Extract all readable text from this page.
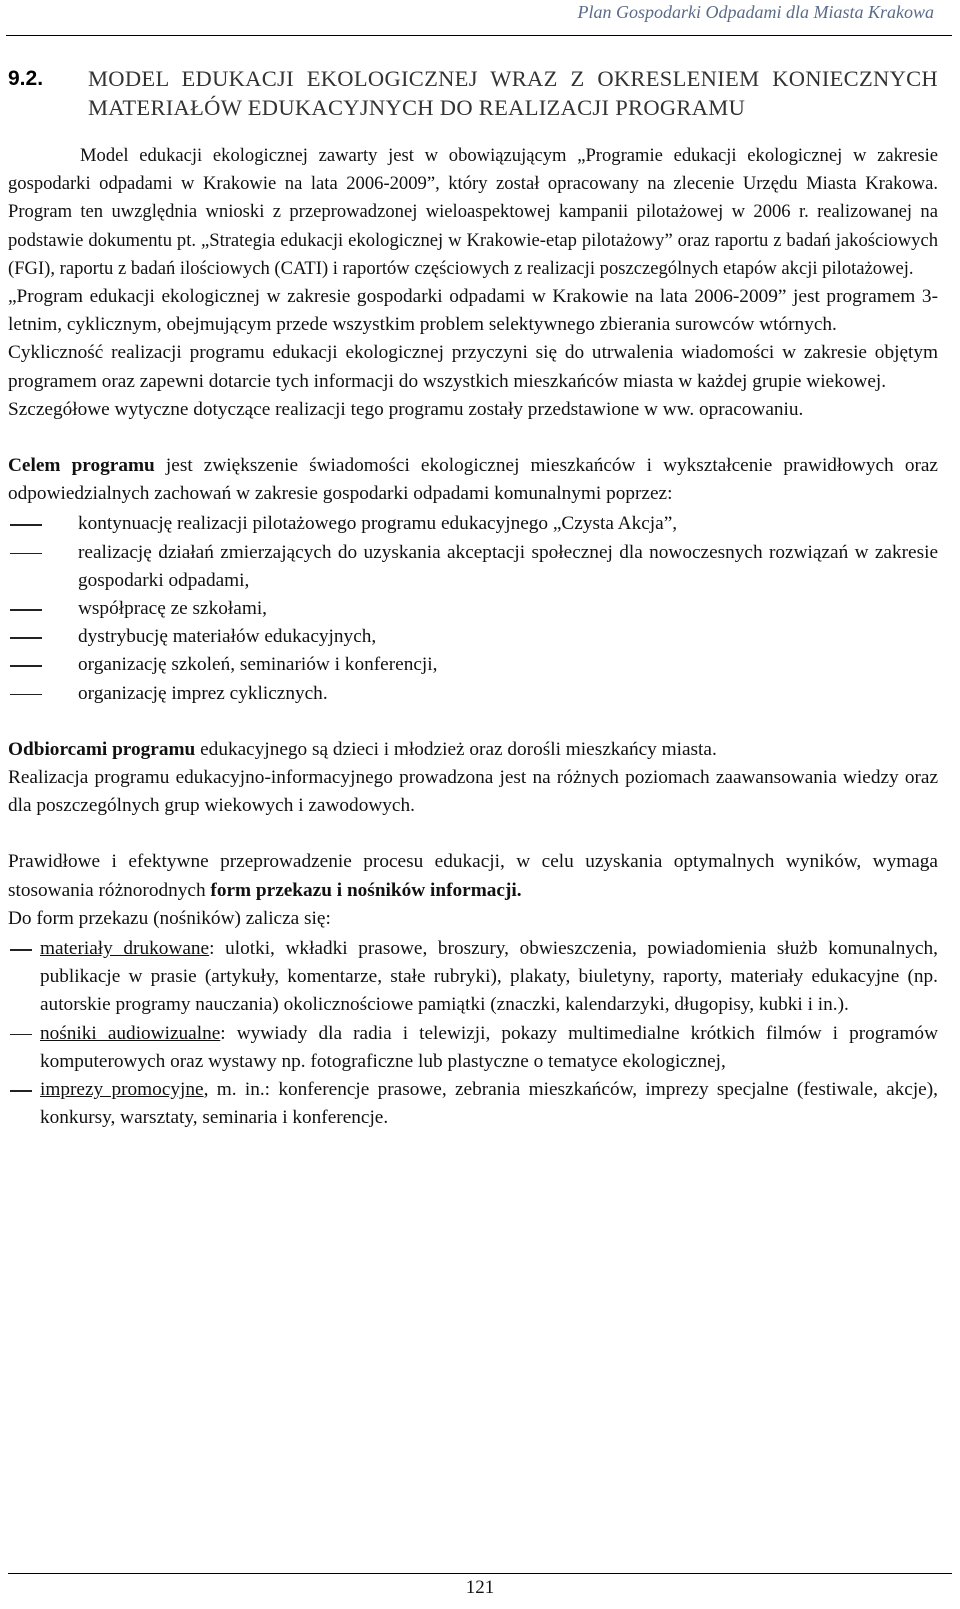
Plan Gospodarki Odpadami dla Miasta Krakowa
9.2.	MODEL EDUKACJI EKOLOGICZNEJ WRAZ Z OKRESLENIEM KONIECZNYCH MATERIAŁÓW EDUKACYJNYCH DO REALIZACJI PROGRAMU

Model edukacji ekologicznej zawarty jest w obowiązującym „Programie edukacji ekologicznej w zakresie gospodarki odpadami w Krakowie na lata 2006-2009”, który został opracowany na zlecenie Urzędu Miasta Krakowa. Program ten uwzględnia wnioski z przeprowadzonej wieloaspektowej kampanii pilotażowej w 2006 r. realizowanej na podstawie dokumentu pt. „Strategia edukacji ekologicznej w Krakowie-etap pilotażowy” oraz raportu z badań jakościowych (FGI), raportu z badań ilościowych (CATI) i raportów częściowych z realizacji poszczególnych etapów akcji pilotażowej.

„Program edukacji ekologicznej w zakresie gospodarki odpadami w Krakowie na lata 2006-2009” jest programem 3-letnim, cyklicznym, obejmującym przede wszystkim problem selektywnego zbierania surowców wtórnych.

Cykliczność realizacji programu edukacji ekologicznej przyczyni się do utrwalenia wiadomości w zakresie objętym programem oraz zapewni dotarcie tych informacji do wszystkich mieszkańców miasta w każdej grupie wiekowej.

Szczegółowe wytyczne dotyczące realizacji tego programu zostały przedstawione w ww. opracowaniu.

Celem programu jest zwiększenie świadomości ekologicznej mieszkańców i wykształcenie prawidłowych oraz odpowiedzialnych zachowań w zakresie gospodarki odpadami komunalnymi poprzez:

kontynuację realizacji pilotażowego programu edukacyjnego „Czysta Akcja”,
realizację działań zmierzających do uzyskania akceptacji społecznej dla nowoczesnych rozwiązań w zakresie gospodarki odpadami,
współpracę ze szkołami,
dystrybucję materiałów edukacyjnych,
organizację szkoleń, seminariów i konferencji,
organizację imprez cyklicznych.

Odbiorcami programu edukacyjnego są dzieci i młodzież oraz dorośli mieszkańcy miasta.

Realizacja programu edukacyjno-informacyjnego prowadzona jest na różnych poziomach zaawansowania wiedzy oraz dla poszczególnych grup wiekowych i zawodowych.

Prawidłowe i efektywne przeprowadzenie procesu edukacji, w celu uzyskania optymalnych wyników, wymaga stosowania różnorodnych form przekazu i nośników informacji.

Do form przekazu (nośników) zalicza się:

materiały drukowane: ulotki, wkładki prasowe, broszury, obwieszczenia, powiadomienia służb komunalnych, publikacje w prasie (artykuły, komentarze, stałe rubryki), plakaty, biuletyny, raporty, materiały edukacyjne (np. autorskie programy nauczania) okolicznościowe pamiątki (znaczki, kalendarzyki, długopisy, kubki i in.).
nośniki audiowizualne: wywiady dla radia i telewizji, pokazy multimedialne krótkich filmów i programów komputerowych oraz wystawy np. fotograficzne lub plastyczne o tematyce ekologicznej,
imprezy promocyjne, m. in.: konferencje prasowe, zebrania mieszkańców, imprezy specjalne (festiwale, akcje), konkursy, warsztaty, seminaria i konferencje.
121
